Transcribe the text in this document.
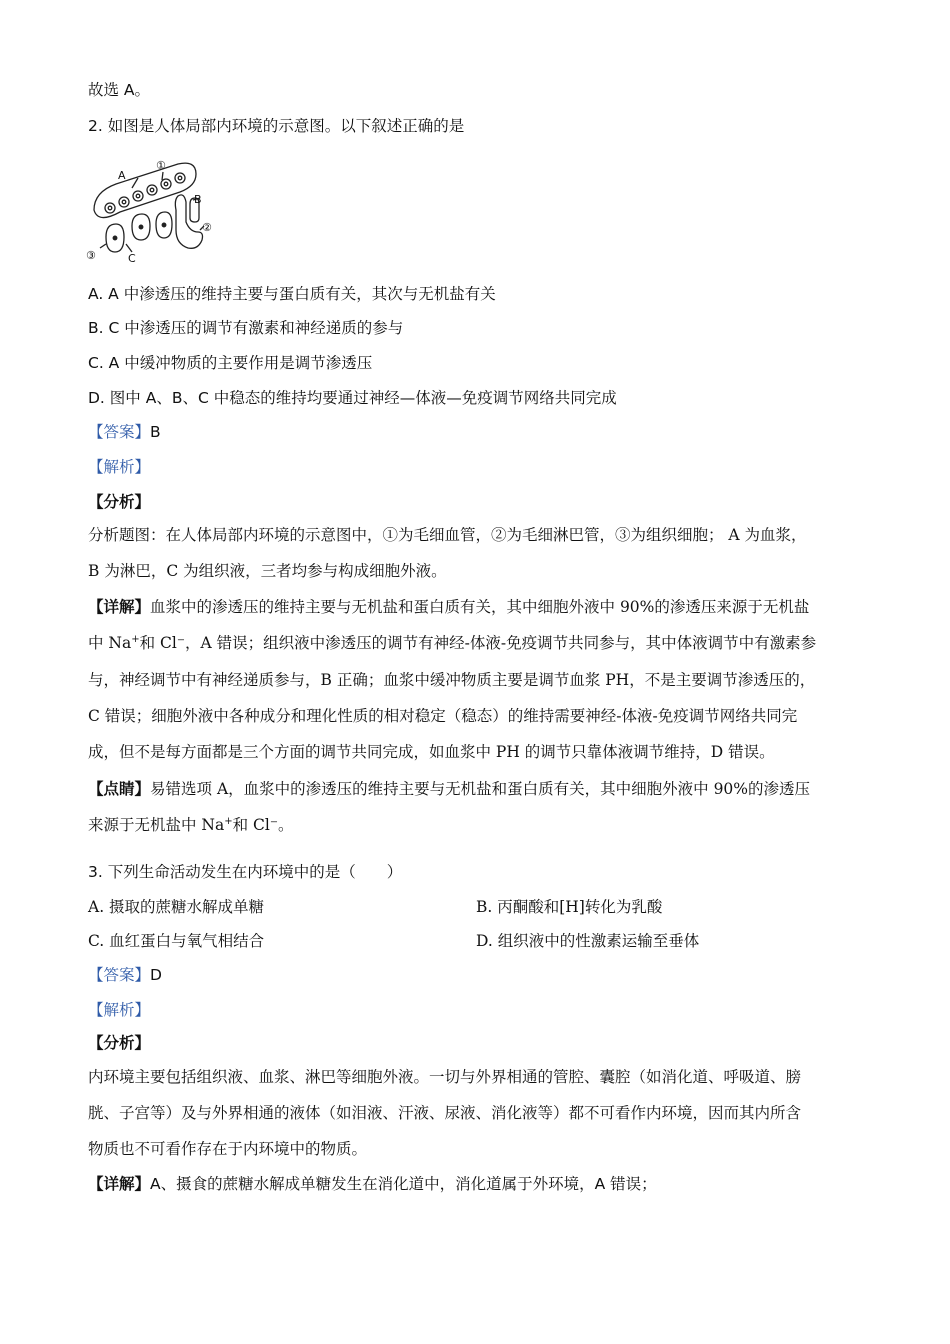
故选 A。
2. 如图是人体局部内环境的示意图。以下叙述正确的是
A
①
B
②
③	C
A. A 中渗透压的维持主要与蛋白质有关，其次与无机盐有关
B. C 中渗透压的调节有激素和神经递质的参与
C. A 中缓冲物质的主要作用是调节渗透压
D. 图中 A、B、C 中稳态的维持均要通过神经—体液—免疫调节网络共同完成
【答案】B
【解析】
【分析】
分析题图：在人体局部内环境的示意图中，①为毛细血管，②为毛细淋巴管，③为组织细胞； A 为血浆，
B 为淋巴，C 为组织液，三者均参与构成细胞外液。
【详解】血浆中的渗透压的维持主要与无机盐和蛋白质有关，其中细胞外液中 90%的渗透压来源于无机盐
中 Na+和 Cl⁻，A 错误；组织液中渗透压的调节有神经-体液-免疫调节共同参与，其中体液调节中有激素参
与，神经调节中有神经递质参与，B 正确；血浆中缓冲物质主要是调节血浆 PH，不是主要调节渗透压的，
C 错误；细胞外液中各种成分和理化性质的相对稳定（稳态）的维持需要神经-体液-免疫调节网络共同完
成，但不是每方面都是三个方面的调节共同完成，如血浆中 PH 的调节只靠体液调节维持，D 错误。
【点睛】易错选项 A，血浆中的渗透压的维持主要与无机盐和蛋白质有关，其中细胞外液中 90%的渗透压
来源于无机盐中 Na+和 Cl⁻。
3. 下列生命活动发生在内环境中的是（　　）
A. 摄取的蔗糖水解成单糖	B. 丙酮酸和[H]转化为乳酸
C. 血红蛋白与氧气相结合	D. 组织液中的性激素运输至垂体
【答案】D
【解析】
【分析】
内环境主要包括组织液、血浆、淋巴等细胞外液。一切与外界相通的管腔、囊腔（如消化道、呼吸道、膀
胱、子宫等）及与外界相通的液体（如泪液、汗液、尿液、消化液等）都不可看作内环境，因而其内所含
物质也不可看作存在于内环境中的物质。
【详解】A、摄食的蔗糖水解成单糖发生在消化道中，消化道属于外环境，A 错误；
